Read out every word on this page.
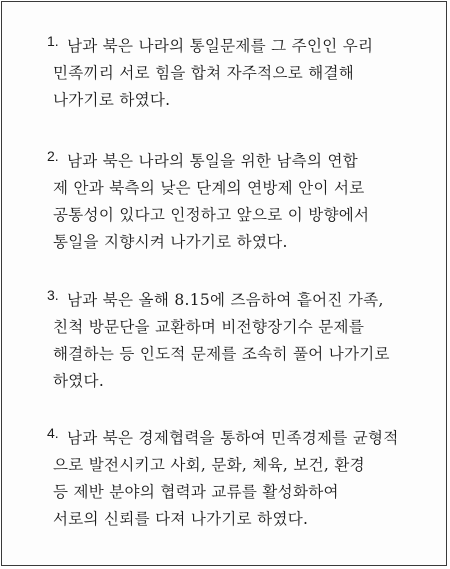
1. 남과 북은 나라의 통일문제를 그 주인인 우리
민족끼리 서로 힘을 합쳐 자주적으로 해결해
나가기로 하였다.
2. 남과 북은 나라의 통일을 위한 남측의 연합
제 안과 북측의 낮은 단계의 연방제 안이 서로
공통성이 있다고 인정하고 앞으로 이 방향에서
통일을 지향시켜 나가기로 하였다.
3. 남과 북은 올해 8.15에 즈음하여 흩어진 가족,
친척 방문단을 교환하며 비전향장기수 문제를
해결하는 등 인도적 문제를 조속히 풀어 나가기로
하였다.
4. 남과 북은 경제협력을 통하여 민족경제를 균형적
으로 발전시키고 사회, 문화, 체육, 보건, 환경
등 제반 분야의 협력과 교류를 활성화하여
서로의 신뢰를 다져 나가기로 하였다.
